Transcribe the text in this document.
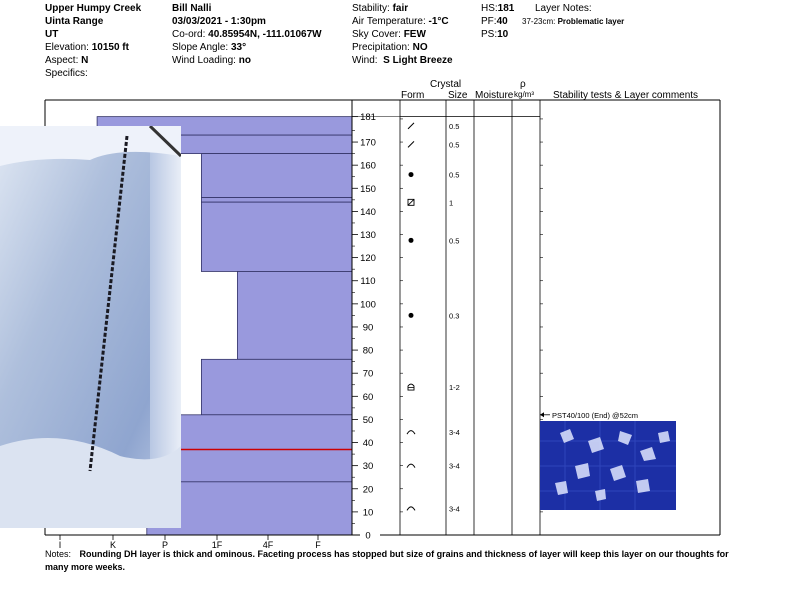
Upper Humpy Creek
Uinta Range
UT
Elevation: 10150 ft
Aspect: N
Specifics:
Bill Nalli
03/03/2021 - 1:30pm
Co-ord: 40.85954N, -111.01067W
Slope Angle: 33°
Wind Loading: no
Stability: fair
Air Temperature: -1°C
Sky Cover: FEW
Precipitation: NO
Wind: S Light Breeze
HS:181
PF:40
PS:10
Layer Notes:
37-23cm: Problematic layer
Crystal
Form Size Moisture
ρ
kg/m³ Stability tests & Layer comments
181
170
160
150
140
130
120
110
100
90
80
70
60
50
40
30
20
10
0
I	K	P	1F	4F	F
0.5
0.5
0.5
1
0.5
0.3
1-2
3-4
3-4
3-4
PST40/100 (End) @52cm
Notes: Rounding DH layer is thick and ominous. Faceting process has stopped but size of grains and thickness of layer will keep this layer on our thoughts for many more weeks.
